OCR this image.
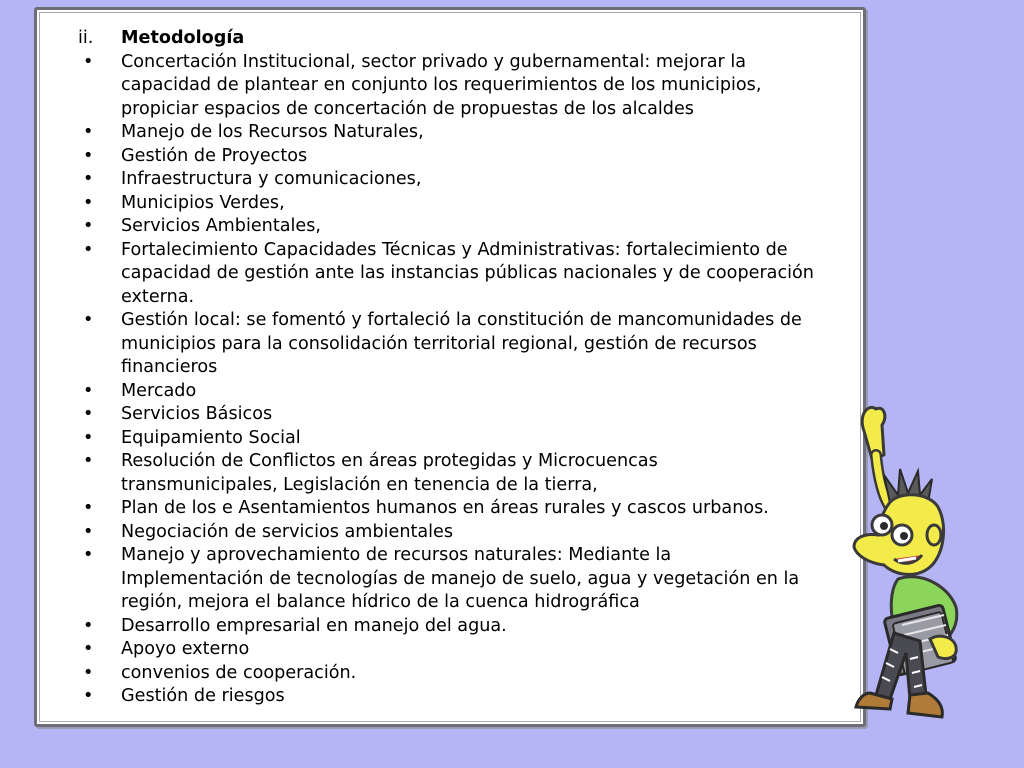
ii.	Metodología
•	Concertación Institucional, sector privado y gubernamental: mejorar la capacidad de plantear en conjunto los requerimientos de los municipios, propiciar espacios de concertación de propuestas de los alcaldes
•	Manejo de los Recursos Naturales,
•	Gestión de Proyectos
•	Infraestructura y comunicaciones,
•	Municipios Verdes,
•	Servicios Ambientales,
•	Fortalecimiento Capacidades Técnicas y Administrativas: fortalecimiento de capacidad de gestión ante las instancias públicas nacionales y de cooperación externa.
•	Gestión local: se fomentó y fortaleció la constitución de mancomunidades de municipios para la consolidación territorial regional, gestión de recursos financieros
•	Mercado
•	Servicios Básicos
•	Equipamiento Social
•	Resolución de Conflictos en áreas protegidas y Microcuencas transmunicipales, Legislación en tenencia de la tierra,
•	Plan de los e Asentamientos humanos en áreas rurales y cascos urbanos.
•	Negociación de servicios ambientales
•	Manejo y aprovechamiento de recursos naturales: Mediante la Implementación de tecnologías de manejo de suelo, agua y vegetación en la región, mejora el balance hídrico de la cuenca hidrográfica
•	Desarrollo empresarial en manejo del agua.
•	Apoyo externo
•	convenios de cooperación.
•	Gestión de riesgos
